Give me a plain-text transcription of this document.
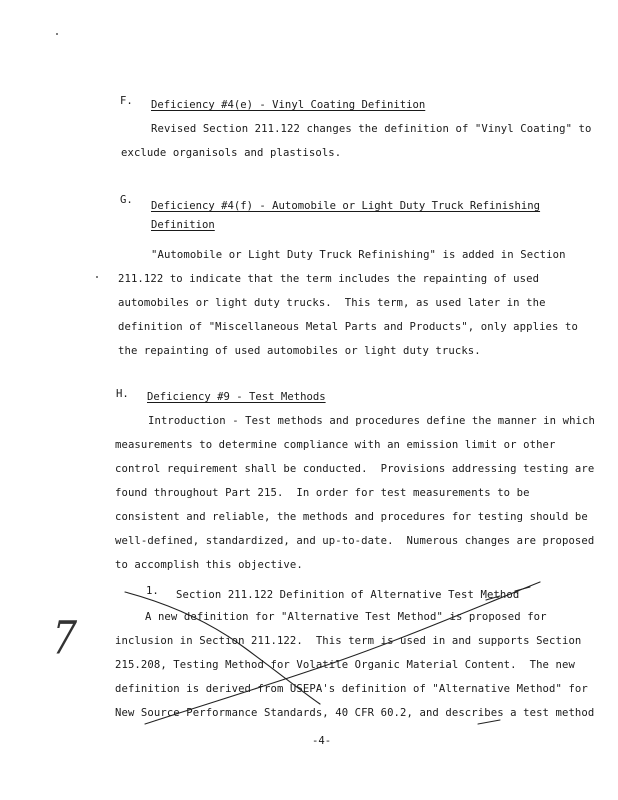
F. Deficiency #4(e) - Vinyl Coating Definition
Revised Section 211.122 changes the definition of "Vinyl Coating" to
exclude organisols and plastisols.
G. Deficiency #4(f) - Automobile or Light Duty Truck Refinishing
Definition
"Automobile or Light Duty Truck Refinishing" is added in Section
211.122 to indicate that the term includes the repainting of used
automobiles or light duty trucks.  This term, as used later in the
definition of "Miscellaneous Metal Parts and Products", only applies to
the repainting of used automobiles or light duty trucks.
H. Deficiency #9 - Test Methods
Introduction - Test methods and procedures define the manner in which
measurements to determine compliance with an emission limit or other
control requirement shall be conducted.  Provisions addressing testing are
found throughout Part 215.  In order for test measurements to be
consistent and reliable, the methods and procedures for testing should be
well-defined, standardized, and up-to-date.  Numerous changes are proposed
to accomplish this objective.
1. Section 211.122 Definition of Alternative Test Method
A new definition for "Alternative Test Method" is proposed for
inclusion in Section 211.122.  This term is used in and supports Section
215.208, Testing Method for Volatile Organic Material Content.  The new
definition is derived from USEPA's definition of "Alternative Method" for
New Source Performance Standards, 40 CFR 60.2, and describes a test method
-4-
7
